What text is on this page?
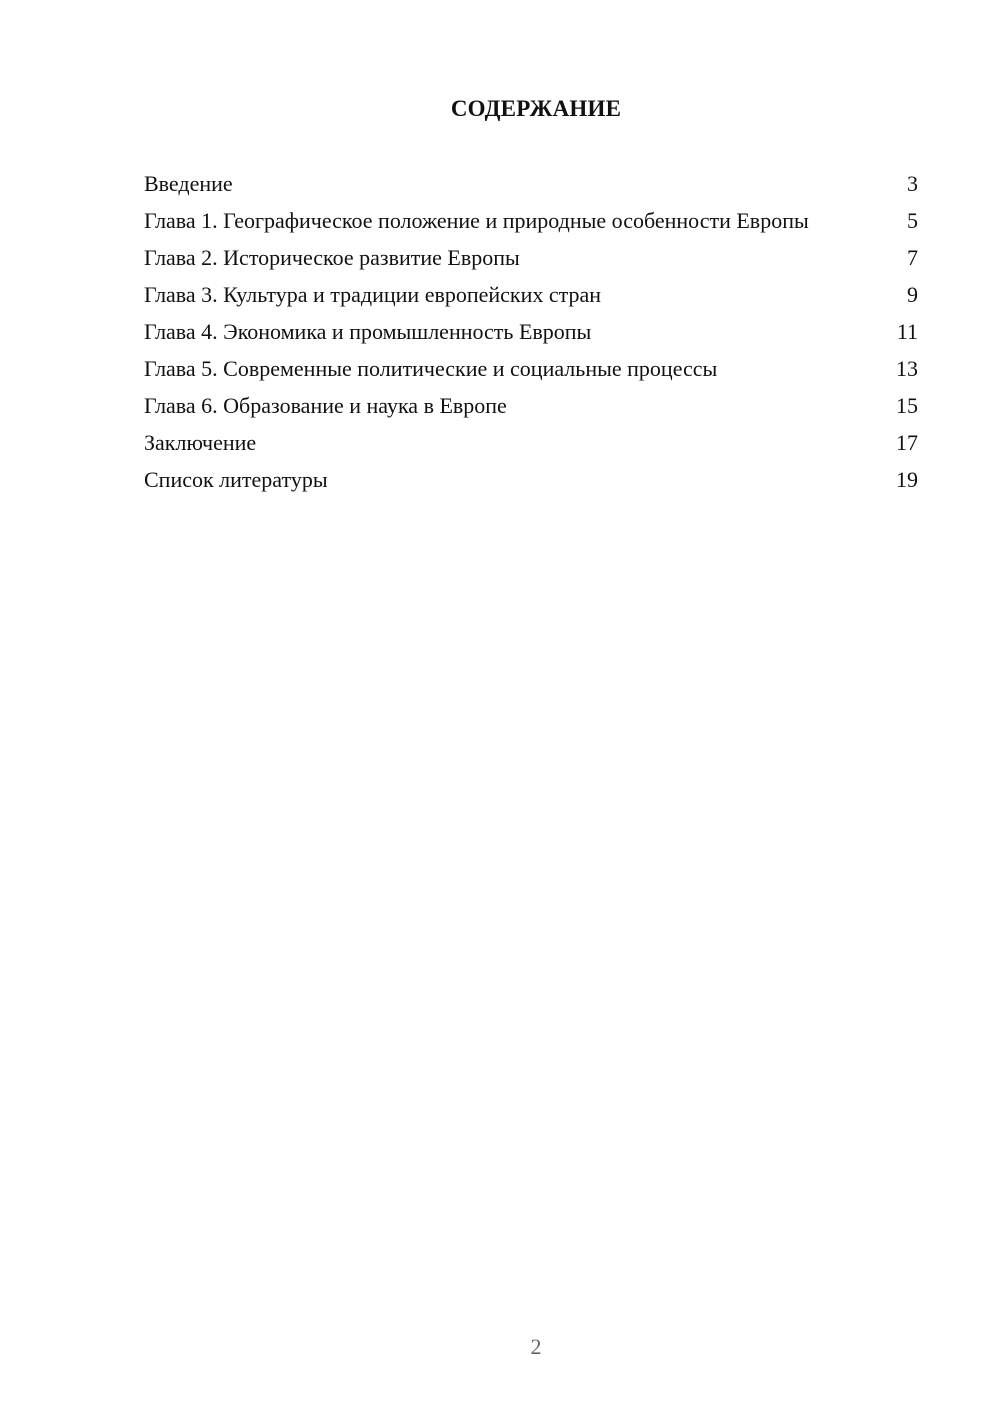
СОДЕРЖАНИЕ
Введение	3
Глава 1. Географическое положение и природные особенности Европы	5
Глава 2. Историческое развитие Европы	7
Глава 3. Культура и традиции европейских стран	9
Глава 4. Экономика и промышленность Европы	11
Глава 5. Современные политические и социальные процессы	13
Глава 6. Образование и наука в Европе	15
Заключение	17
Список литературы	19
2
